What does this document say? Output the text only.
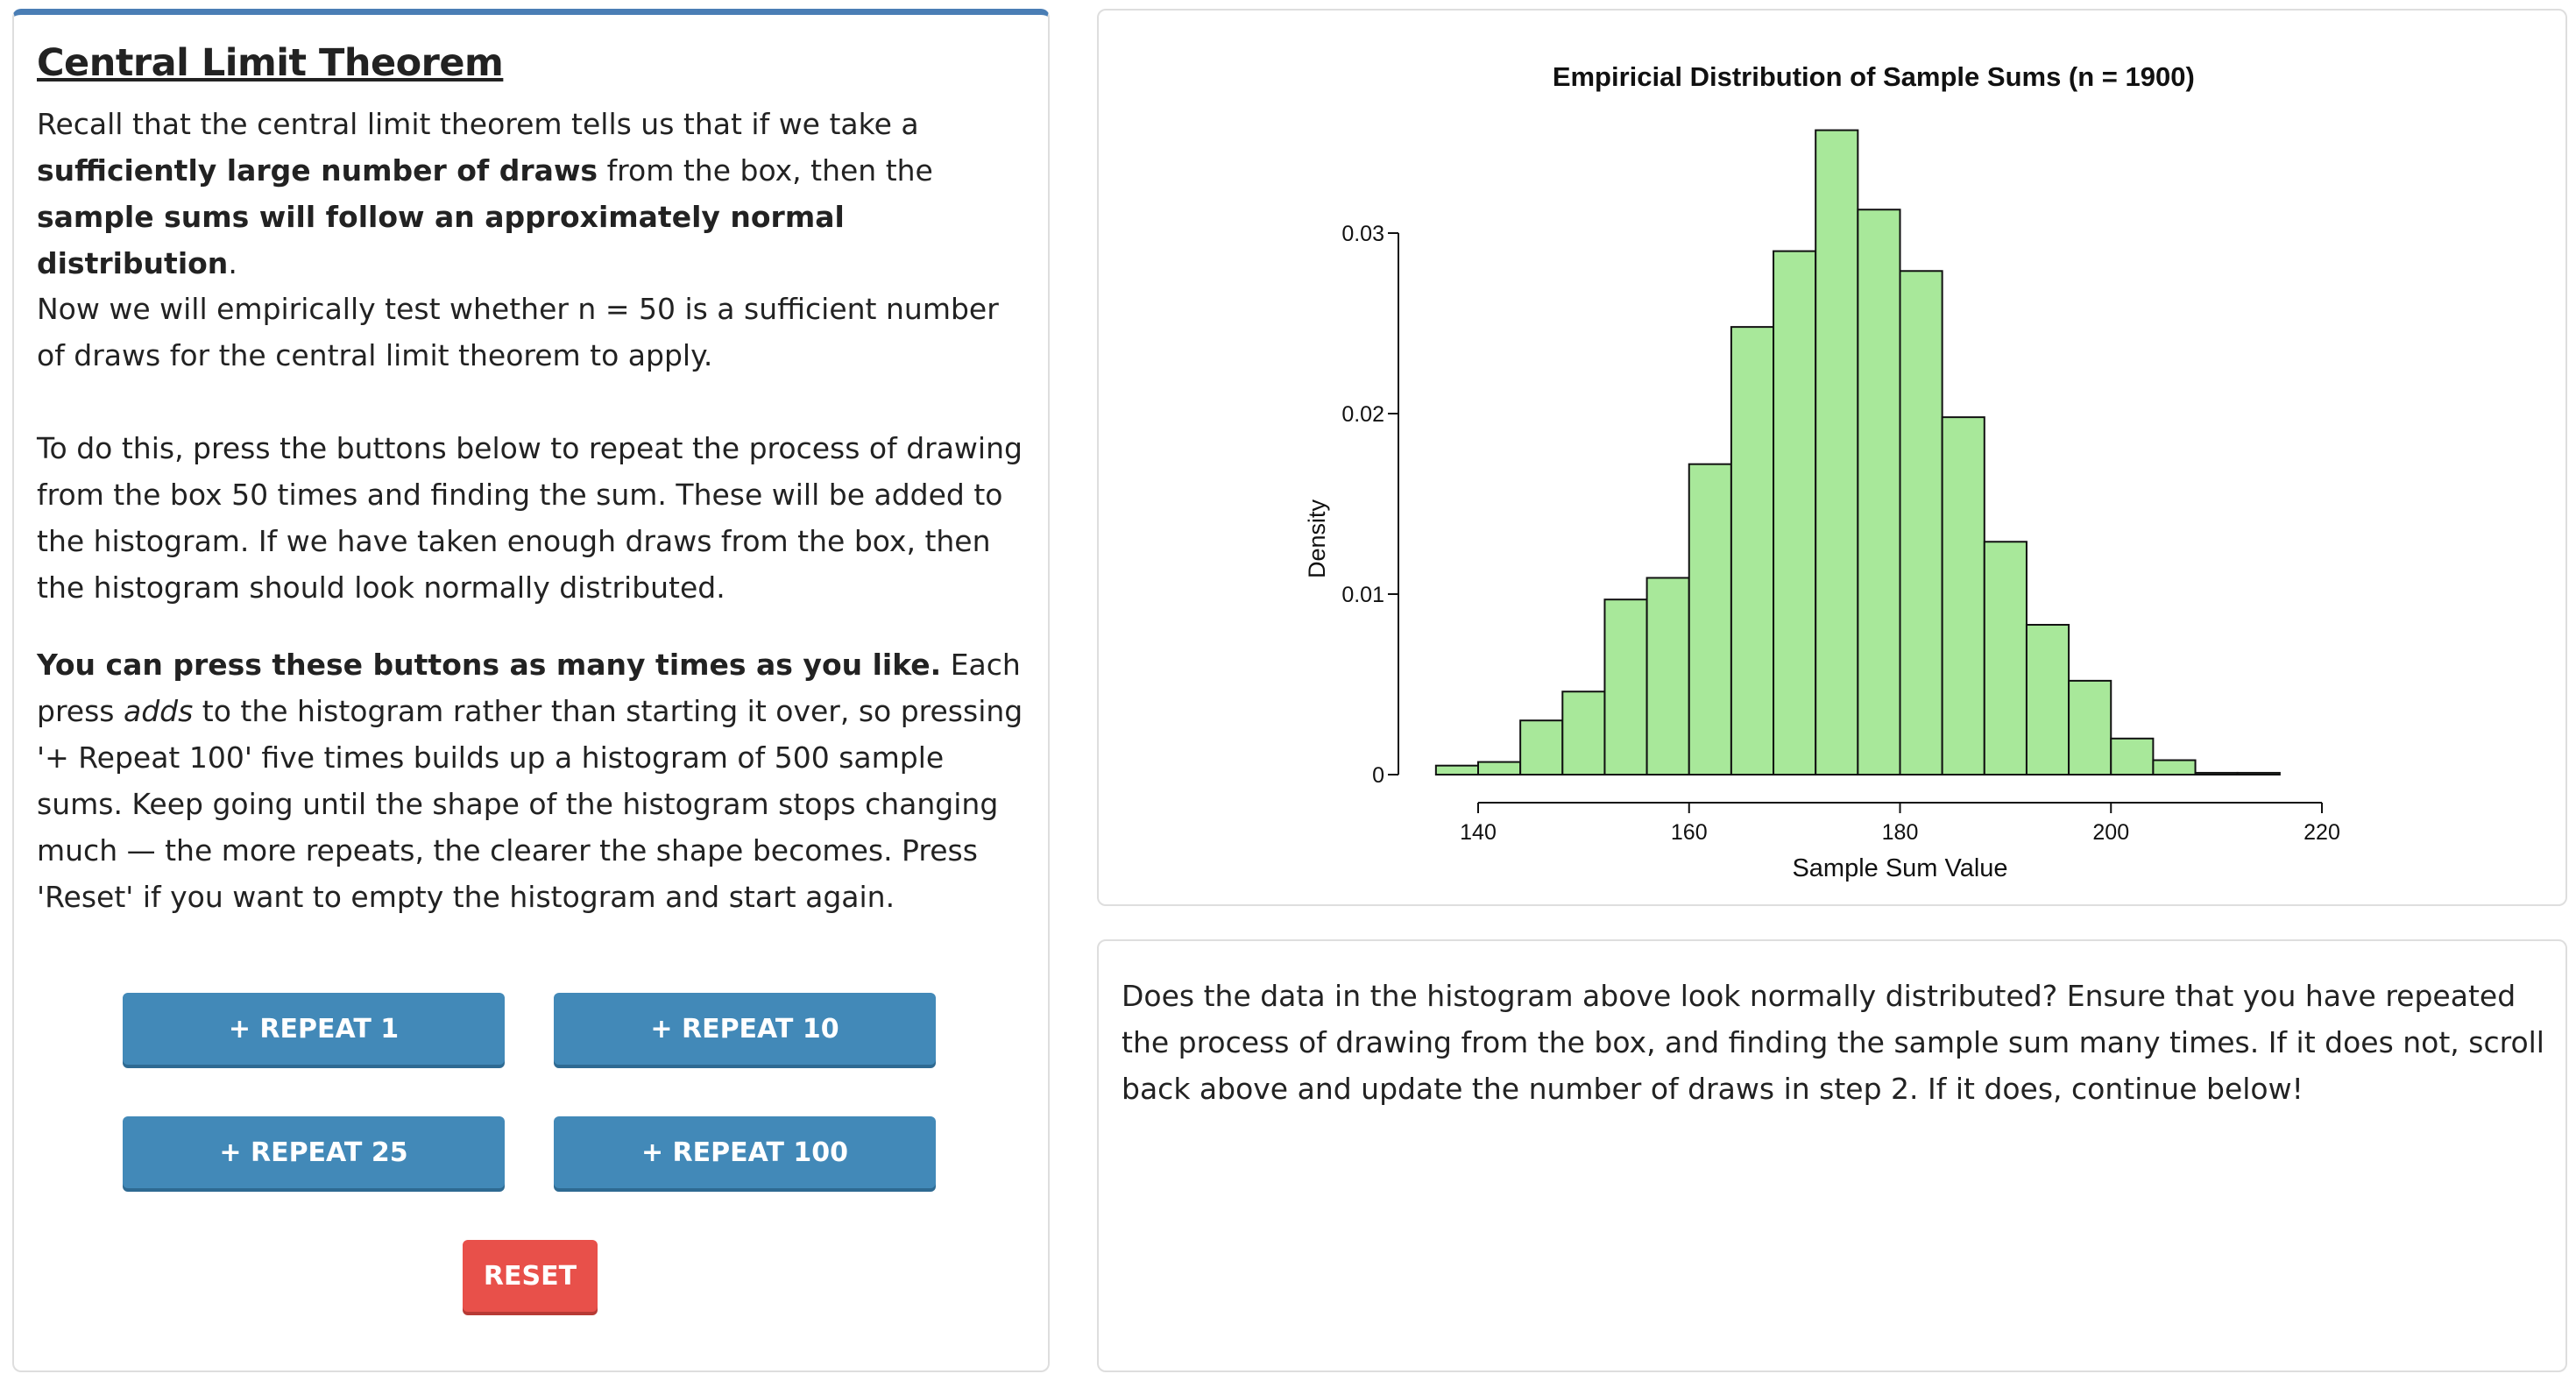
Central Limit Theorem
Recall that the central limit theorem tells us that if we take a sufficiently large number of draws from the box, then the sample sums will follow an approximately normal distribution.
Now we will empirically test whether n = 50 is a sufficient number of draws for the central limit theorem to apply.
To do this, press the buttons below to repeat the process of drawing from the box 50 times and finding the sum. These will be added to the histogram. If we have taken enough draws from the box, then the histogram should look normally distributed.
You can press these buttons as many times as you like. Each press adds to the histogram rather than starting it over, so pressing '+ Repeat 100' five times builds up a histogram of 500 sample sums. Keep going until the shape of the histogram stops changing much — the more repeats, the clearer the shape becomes. Press 'Reset' if you want to empty the histogram and start again.
+ REPEAT 1	+ REPEAT 10
+ REPEAT 25	+ REPEAT 100
RESET
Empiricial Distribution of Sample Sums (n = 1900)
0
0.01
0.02
0.03
Density
140	160	180	200	220
Sample Sum Value
Does the data in the histogram above look normally distributed? Ensure that you have repeated the process of drawing from the box, and finding the sample sum many times. If it does not, scroll back above and update the number of draws in step 2. If it does, continue below!
